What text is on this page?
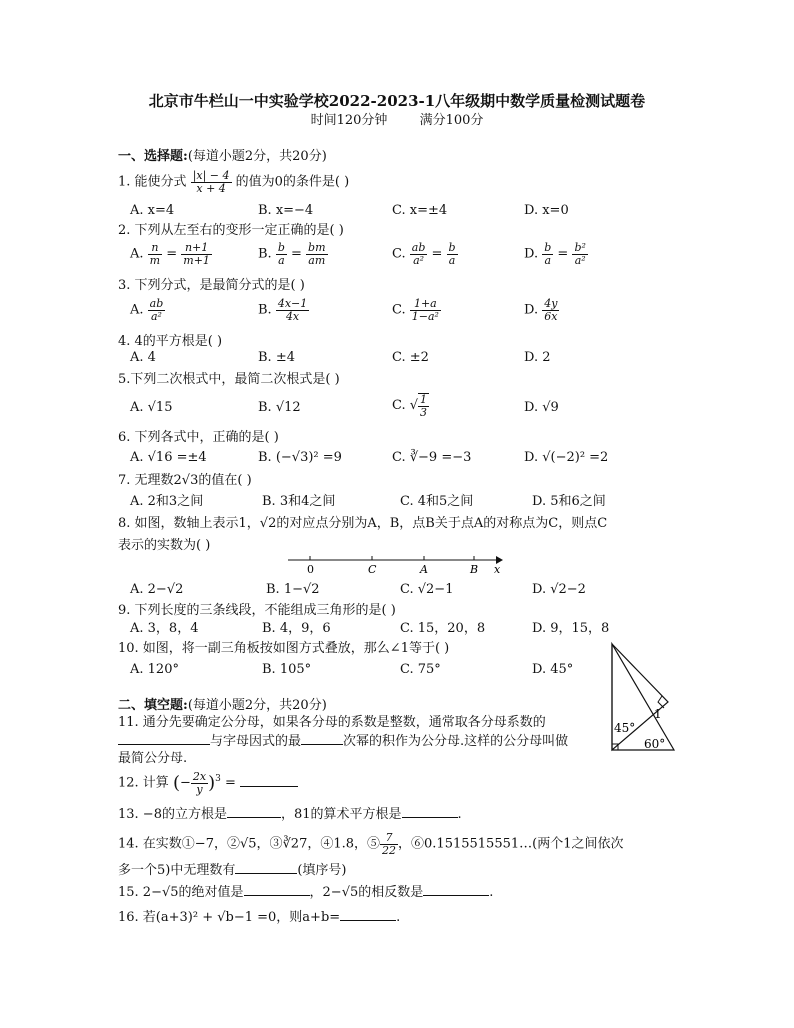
北京市牛栏山一中实验学校2022-2023-1八年级期中数学质量检测试题卷
时间120分钟 满分100分
一、选择题:(每道小题2分，共20分)
1. 能使分式 $\frac{|x| - 4}{x + 4}$ 的值为0的条件是( )
A. x=4	B. x=−4	C. x=±4	D. x=0
2. 下列从左至右的变形一定正确的是( )
A. $\frac{n}{m} = \frac{n+1}{m+1}$	B. $\frac{b}{a} = \frac{bm}{am}$	C. $\frac{ab}{\text{a²}} = \frac{b}{a}$	D. $\frac{b}{a} = \frac{\text{b²}}{\text{a²}}$
3. 下列分式，是最简分式的是( )
A. $\frac{ab}{\text{a²}}$	B. $\frac{4x-1}{4x}$	C. $\frac{1+a}{\text{1−a²}}$	D. $\frac{4y}{6x}$
4. 4的平方根是( )
A. 4	B. ±4	C. ±2	D. 2
5.下列二次根式中，最简二次根式是( )
A. √15	B. √12	C. √ $\frac{1}{3}$	D. √9
6. 下列各式中，正确的是( )
A. √16 =±4	B. (−√3)² =9	C. ∛−9 =−3	D. √(−2)² =2
7. 无理数2√3的值在( )
A. 2和3之间	B. 3和4之间	C. 4和5之间	D. 5和6之间
8. 如图，数轴上表示1，√2的对应点分别为A，B，点B关于点A的对称点为C，则点C
表示的实数为( )
0	C	A	B x
A. 2−√2	B. 1−√2	C. √2−1	D. √2−2
9. 下列长度的三条线段，不能组成三角形的是( )
A. 3，8，4	B. 4，9，6	C. 15，20，8	D. 9，15，8
10. 如图，将一副三角板按如图方式叠放，那么∠1等于( )
A. 120°	B. 105°	C. 75°	D. 45°
1
45°
60°
二、填空题:(每道小题2分，共20分)
11. 通分先要确定公分母，如果各分母的系数是整数，通常取各分母系数的
与字母因式的最	次幂的积作为公分母.这样的公分母叫做
最简公分母.
12. 计算 (− $\frac{2x}{y} )^3$ =
13. −8的立方根是	，81的算术平方根是	.
14. 在实数①−7，②√5，③∛27，④1.8，⑤ $\frac{7}{22}$ ，⑥0.1515515551…(两个1之间依次
多一个5)中无理数有	(填序号)
15. 2−√5的绝对值是	，2−√5的相反数是	.
16. 若(a+3)² + √b−1 =0，则a+b=	.
